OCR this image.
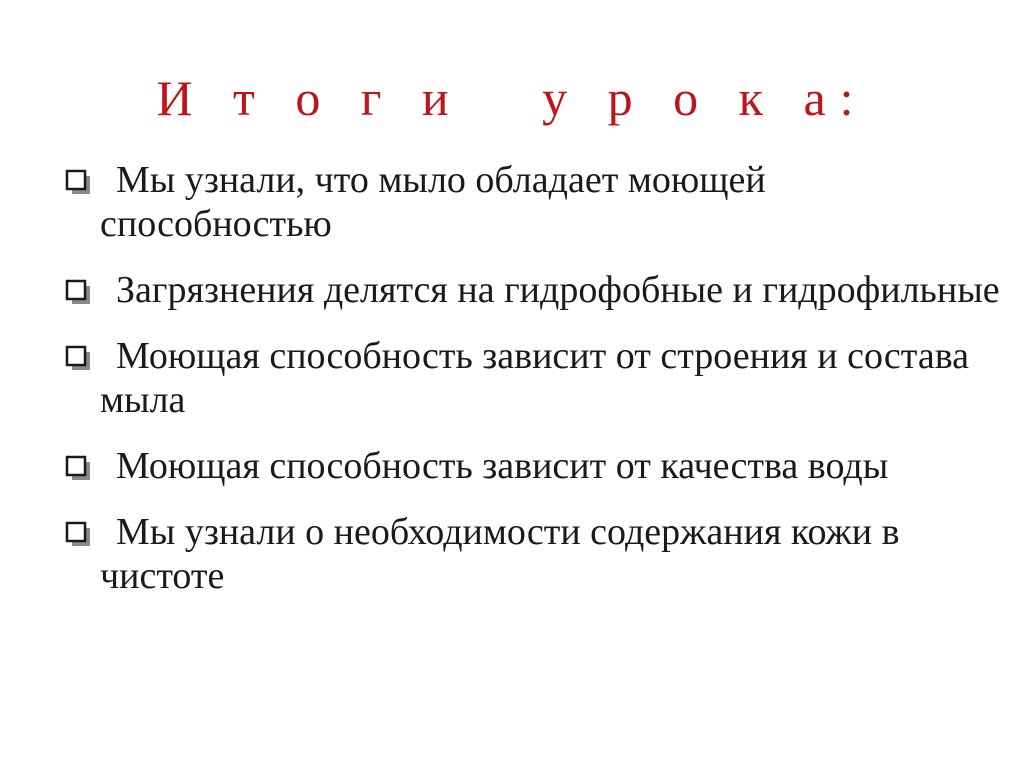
И т о г и   у р о к а:
Мы узнали, что мыло обладает моющей способностью
Загрязнения делятся на гидрофобные и гидрофильные
Моющая способность зависит от строения и состава мыла
Моющая способность зависит от качества воды
Мы узнали о необходимости содержания кожи в чистоте
